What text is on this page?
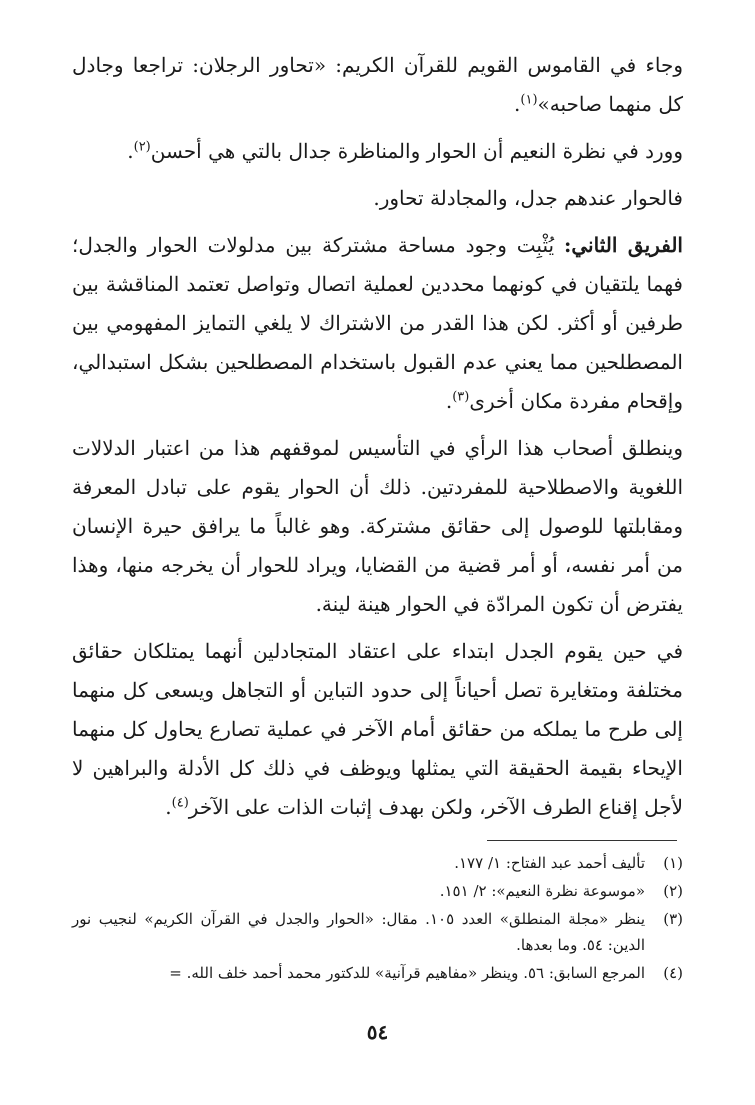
وجاء في القاموس القويم للقرآن الكريم: «تحاور الرجلان: تراجعا وجادل كل منهما صاحبه»$^{(١)}$.

وورد في نظرة النعيم أن الحوار والمناظرة جدال بالتي هي أحسن$^{(٢)}$.

فالحوار عندهم جدل، والمجادلة تحاور.

الفريق الثاني: يُثْبِت وجود مساحة مشتركة بين مدلولات الحوار والجدل؛ فهما يلتقيان في كونهما محددين لعملية اتصال وتواصل تعتمد المناقشة بين طرفين أو أكثر. لكن هذا القدر من الاشتراك لا يلغي التمايز المفهومي بين المصطلحين مما يعني عدم القبول باستخدام المصطلحين بشكل استبدالي، وإقحام مفردة مكان أخرى$^{(٣)}$.

وينطلق أصحاب هذا الرأي في التأسيس لموقفهم هذا من اعتبار الدلالات اللغوية والاصطلاحية للمفردتين. ذلك أن الحوار يقوم على تبادل المعرفة ومقابلتها للوصول إلى حقائق مشتركة. وهو غالباً ما يرافق حيرة الإنسان من أمر نفسه، أو أمر قضية من القضايا، ويراد للحوار أن يخرجه منها، وهذا يفترض أن تكون المرادّة في الحوار هينة لينة.

في حين يقوم الجدل ابتداء على اعتقاد المتجادلين أنهما يمتلكان حقائق مختلفة ومتغايرة تصل أحياناً إلى حدود التباين أو التجاهل ويسعى كل منهما إلى طرح ما يملكه من حقائق أمام الآخر في عملية تصارع يحاول كل منهما الإيحاء بقيمة الحقيقة التي يمثلها ويوظف في ذلك كل الأدلة والبراهين لا لأجل إقناع الطرف الآخر، ولكن بهدف إثبات الذات على الآخر$^{(٤)}$.

(١)
تأليف أحمد عبد الفتاح: ١/ ١٧٧.
(٢)
«موسوعة نظرة النعيم»: ٢/ ١٥١.
(٣)
ينظر «مجلة المنطلق» العدد ١٠٥. مقال: «الحوار والجدل في القرآن الكريم» لنجيب نور الدين: ٥٤. وما بعدها.
(٤)
المرجع السابق: ٥٦. وينظر «مفاهيم قرآنية» للدكتور محمد أحمد خلف الله. =
٥٤
